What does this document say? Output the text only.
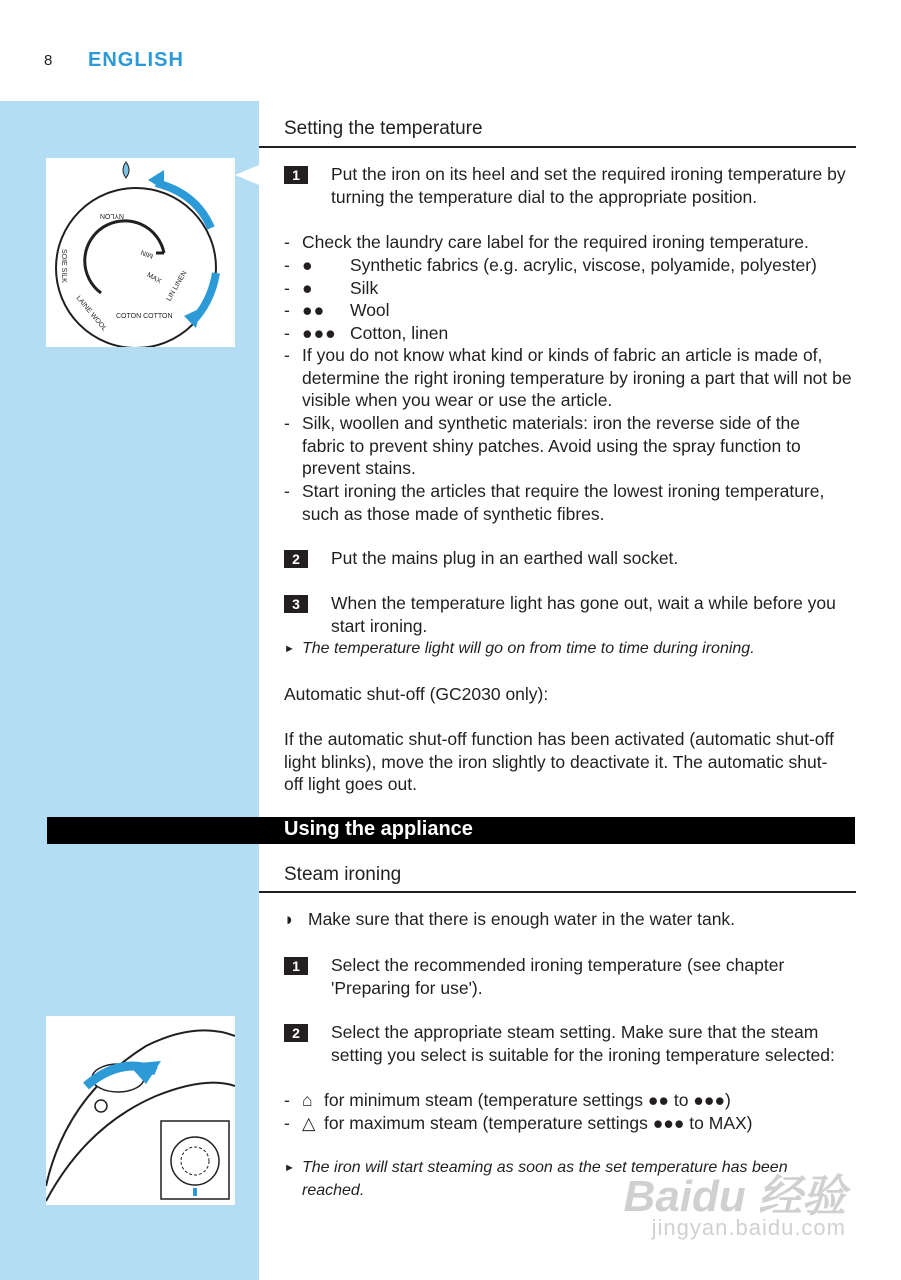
8 ENGLISH
NYLON
SOIE SILK
LAINE WOOL COTON COTTON
LIN LINEN
MAX
MIN
Setting the temperature
1	Put the iron on its heel and set the required ironing temperature by turning the temperature dial to the appropriate position.
- Check the laundry care label for the required ironing temperature.
- ● Synthetic fabrics (e.g. acrylic, viscose, polyamide, polyester)
- ● Silk
- ●● Wool
- ●●● Cotton, linen
- If you do not know what kind or kinds of fabric an article is made of, determine the right ironing temperature by ironing a part that will not be visible when you wear or use the article.
- Silk, woollen and synthetic materials: iron the reverse side of the fabric to prevent shiny patches. Avoid using the spray function to prevent stains.
- Start ironing the articles that require the lowest ironing temperature, such as those made of synthetic fibres.
2	Put the mains plug in an earthed wall socket.
3	When the temperature light has gone out, wait a while before you start ironing.
► The temperature light will go on from time to time during ironing.
Automatic shut-off (GC2030 only):
If the automatic shut-off function has been activated (automatic shut-off light blinks), move the iron slightly to deactivate it. The automatic shut-off light goes out.
Using the appliance
Steam ironing
◗ Make sure that there is enough water in the water tank.
1	Select the recommended ironing temperature (see chapter 'Preparing for use').
2	Select the appropriate steam setting. Make sure that the steam setting you select is suitable for the ironing temperature selected:
- ⌂ for minimum steam (temperature settings ●● to ●●●)
- △ for maximum steam (temperature settings ●●● to MAX)
► The iron will start steaming as soon as the set temperature has been reached.	Baidu 经验
jingyan.baidu.com
